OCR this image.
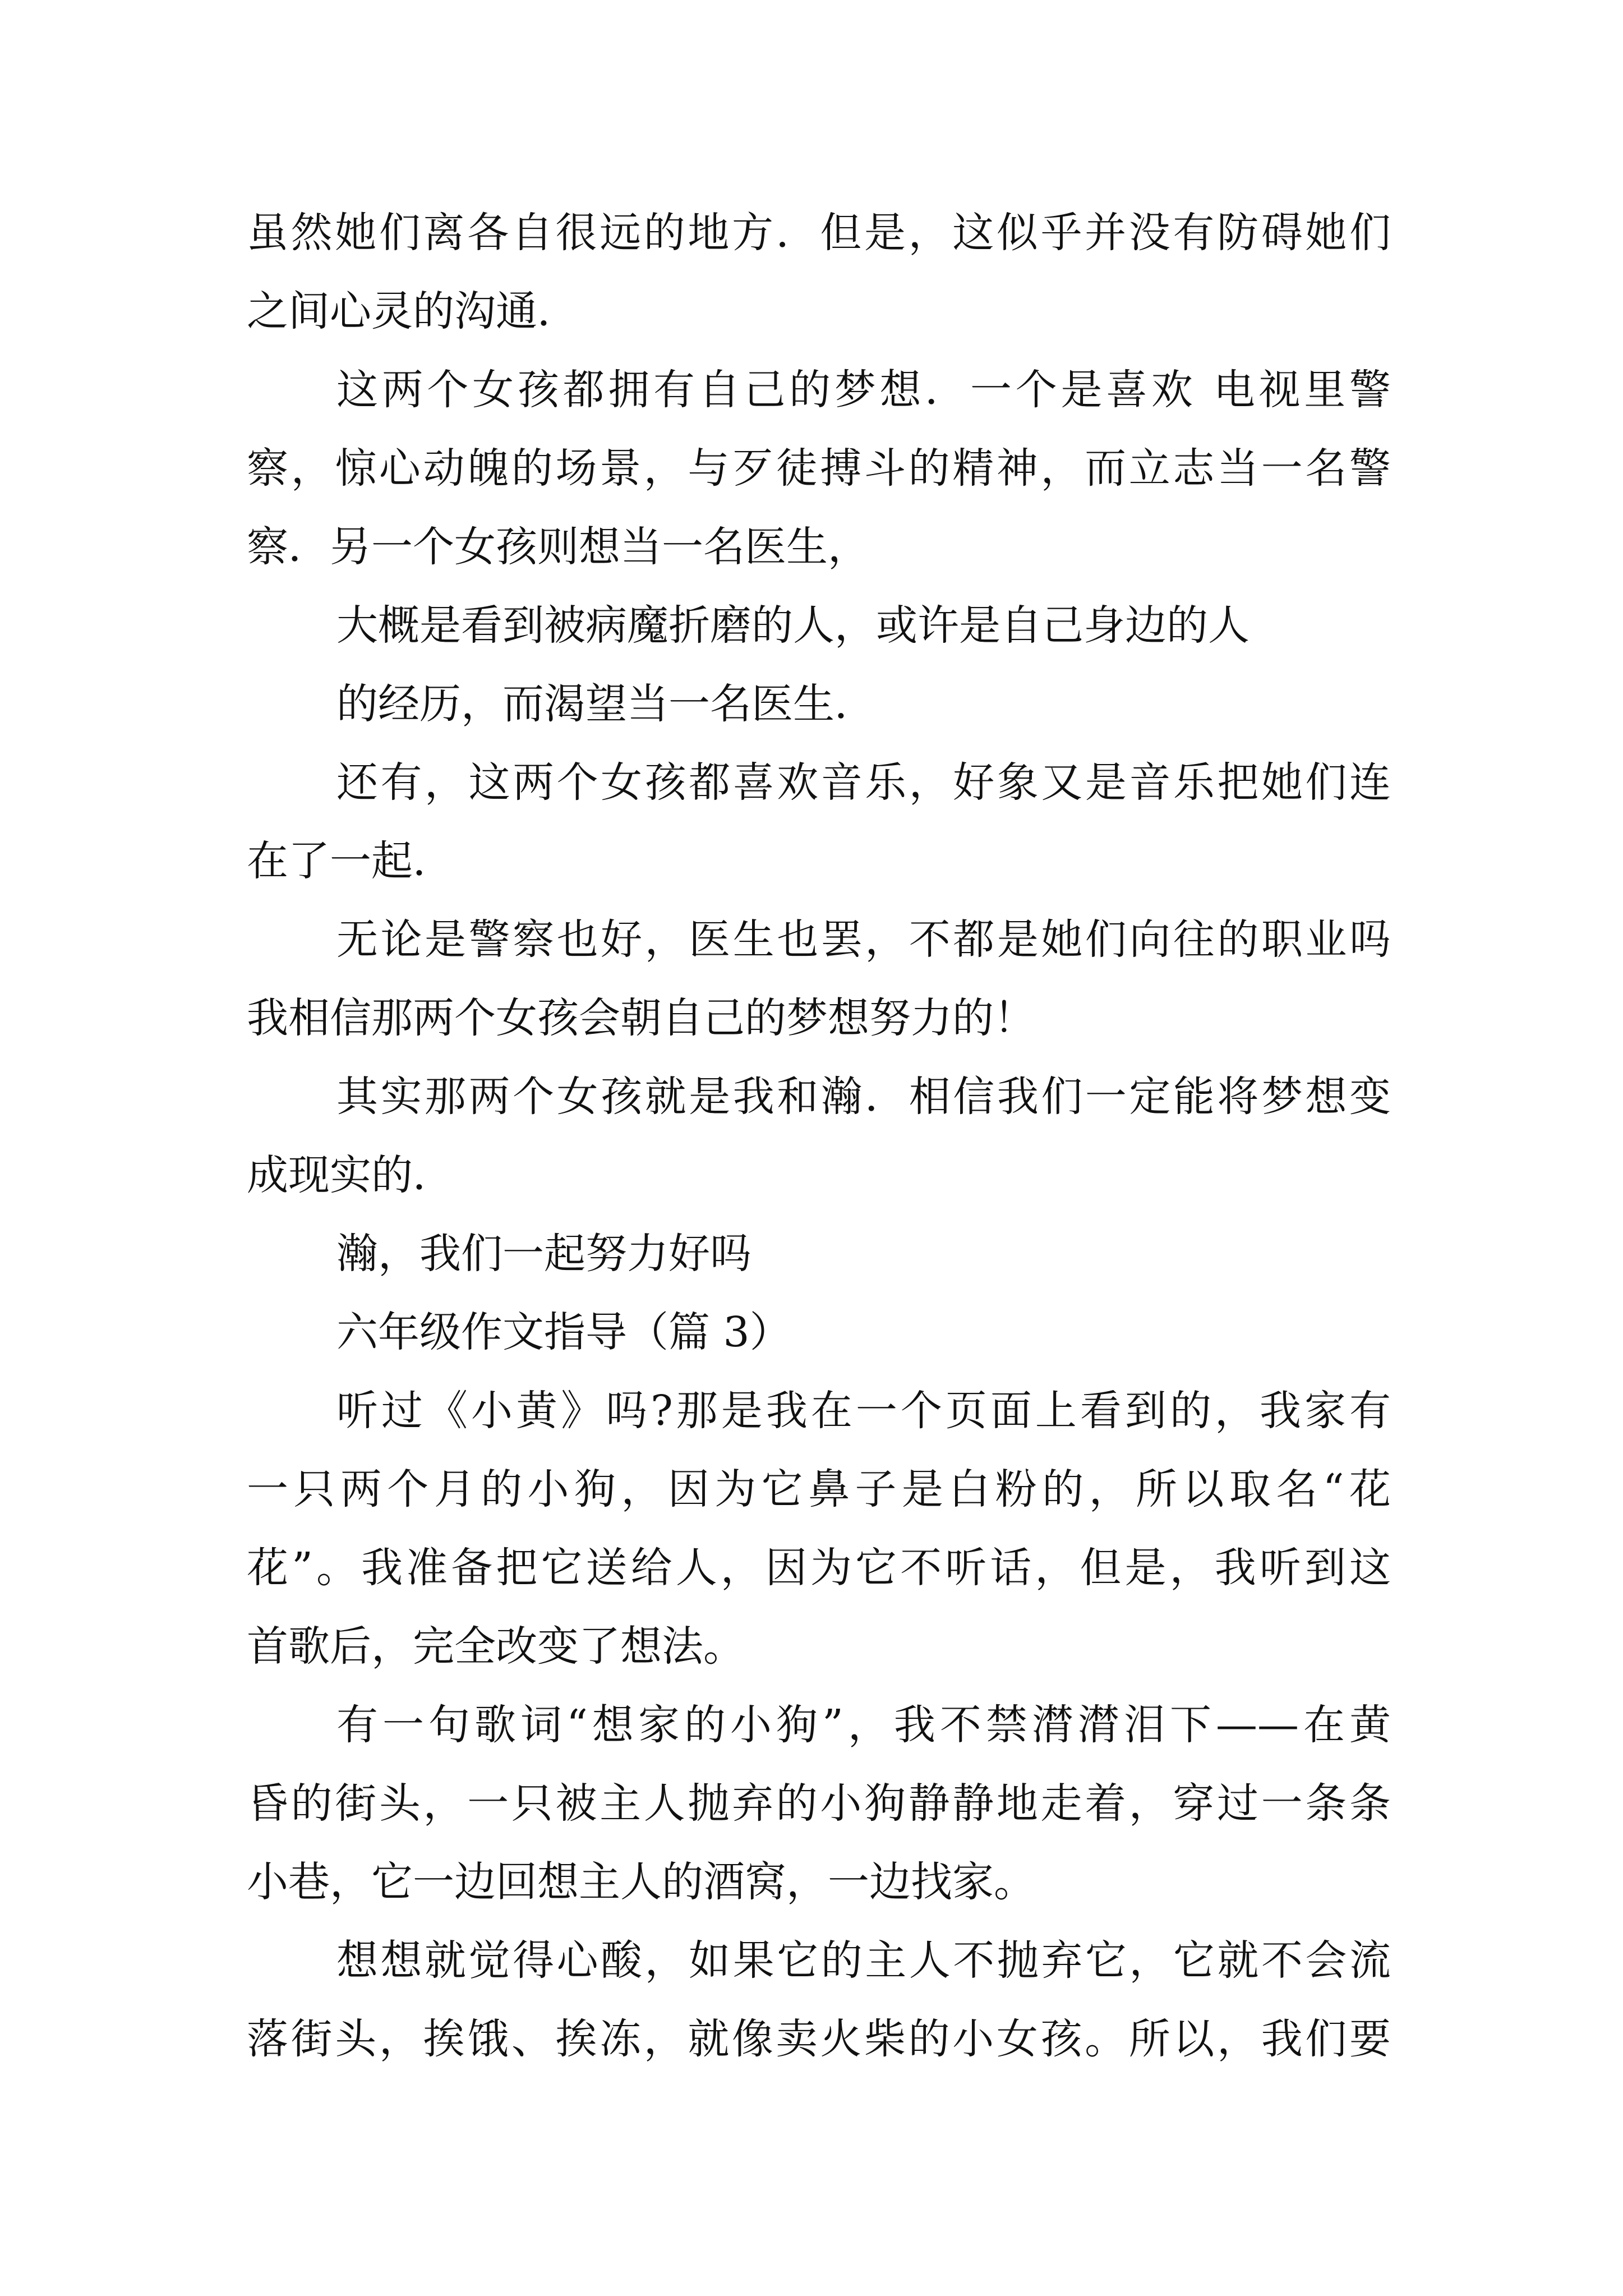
虽然她们离各自很远的地方．但是，这似乎并没有防碍她们
之间心灵的沟通．
这两个女孩都拥有自己的梦想．一个是喜欢 电视里警
察，惊心动魄的场景，与歹徒搏斗的精神，而立志当一名警
察．另一个女孩则想当一名医生，
大概是看到被病魔折磨的人，或许是自己身边的人
的经历，而渴望当一名医生．
还有，这两个女孩都喜欢音乐，好象又是音乐把她们连
在了一起．
无论是警察也好，医生也罢，不都是她们向往的职业吗
我相信那两个女孩会朝自己的梦想努力的！
其实那两个女孩就是我和瀚．相信我们一定能将梦想变
成现实的．
瀚，我们一起努力好吗
六年级作文指导（篇 3）
听过《小黄》吗?那是我在一个页面上看到的，我家有
一只两个月的小狗，因为它鼻子是白粉的，所以取名“花
花”。我准备把它送给人，因为它不听话，但是，我听到这
首歌后，完全改变了想法。
有一句歌词“想家的小狗”，我不禁潸潸泪下——在黄
昏的街头，一只被主人抛弃的小狗静静地走着，穿过一条条
小巷，它一边回想主人的酒窝，一边找家。
想想就觉得心酸，如果它的主人不抛弃它，它就不会流
落街头，挨饿、挨冻，就像卖火柴的小女孩。所以，我们要
